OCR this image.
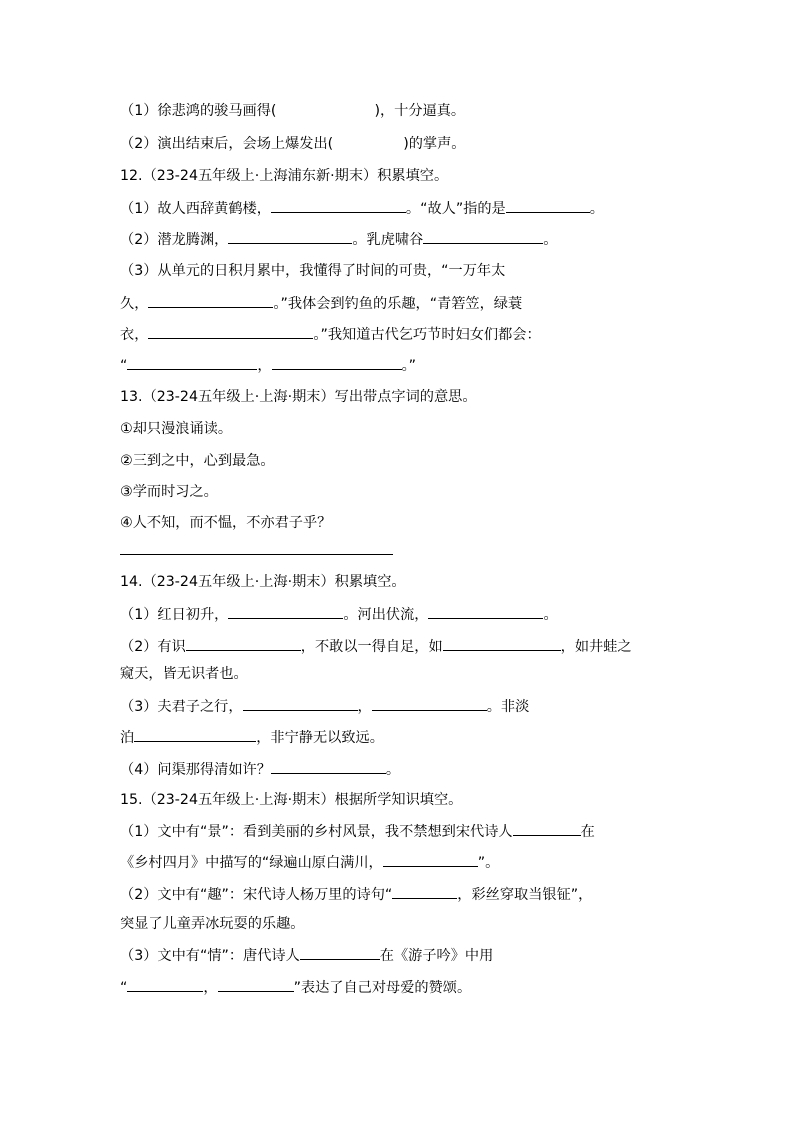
（1）徐悲鸿的骏马画得(	)，十分逼真。
（2）演出结束后，会场上爆发出(	)的掌声。
12.（23-24五年级上·上海浦东新·期末）积累填空。
（1）故人西辞黄鹤楼，	。“故人”指的是	。
（2）潜龙腾渊，	。乳虎啸谷	。
（3）从单元的日积月累中，我懂得了时间的可贵，“一万年太
久，	。”我体会到钓鱼的乐趣，“青箬笠，绿蓑
衣，	。”我知道古代乞巧节时妇女们都会：
“	，	。”
13.（23-24五年级上·上海·期末）写出带点字词的意思。
①却只漫浪诵读。
②三到之中，心到最急。
③学而时习之。
④人不知，而不愠，不亦君子乎？
14.（23-24五年级上·上海·期末）积累填空。
（1）红日初升，	。河出伏流，	。
（2）有识	，不敢以一得自足，如	，如井蛙之
窥天，皆无识者也。
（3）夫君子之行，	，	。非淡
泊	，非宁静无以致远。
（4）问渠那得清如许？	。
15.（23-24五年级上·上海·期末）根据所学知识填空。
（1）文中有“景”：看到美丽的乡村风景，我不禁想到宋代诗人	在
《乡村四月》中描写的“绿遍山原白满川，	”。
（2）文中有“趣”：宋代诗人杨万里的诗句“	，彩丝穿取当银钲”，
突显了儿童弄冰玩耍的乐趣。
（3）文中有“情”：唐代诗人	在《游子吟》中用
“	，	”表达了自己对母爱的赞颂。
